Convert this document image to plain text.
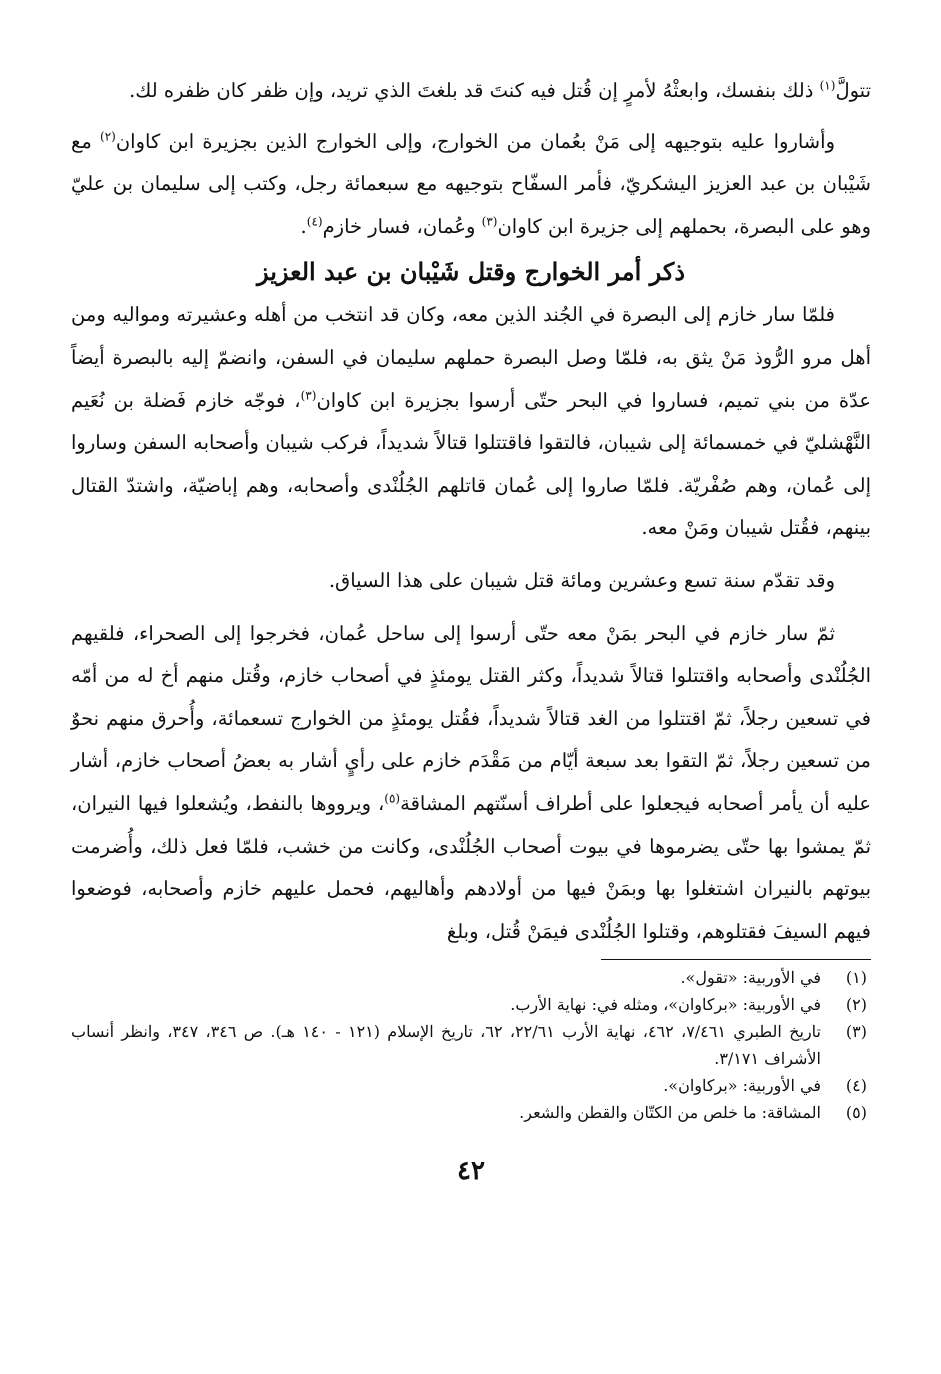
تتولَّ$^{(١)}$ ذلك بنفسك، وابعثْهُ لأمرٍ إن قُتل فيه كنتَ قد بلغتَ الذي تريد، وإن ظفر كان ظفره لك.

وأشاروا عليه بتوجيهه إلى مَنْ بعُمان من الخوارج، وإلى الخوارج الذين بجزيرة ابن كاوان$^{(٢)}$ مع شَيْبان بن عبد العزيز اليشكريّ، فأمر السفّاح بتوجيهه مع سبعمائة رجل، وكتب إلى سليمان بن عليّ وهو على البصرة، بحملهم إلى جزيرة ابن كاوان$^{(٣)}$ وعُمان، فسار خازم$^{(٤)}$.

ذكر أمر الخوارج وقتل شَيْبان بن عبد العزيز

فلمّا سار خازم إلى البصرة في الجُند الذين معه، وكان قد انتخب من أهله وعشيرته ومواليه ومن أهل مرو الرُّوذ مَنْ يثق به، فلمّا وصل البصرة حملهم سليمان في السفن، وانضمّ إليه بالبصرة أيضاً عدّة من بني تميم، فساروا في البحر حتّى أرسوا بجزيرة ابن كاوان$^{(٣)}$، فوجّه خازم فَضلة بن نُعَيم النَّهْشليّ في خمسمائة إلى شيبان، فالتقوا فاقتتلوا قتالاً شديداً، فركب شيبان وأصحابه السفن وساروا إلى عُمان، وهم صُفْريّة. فلمّا صاروا إلى عُمان قاتلهم الجُلُنْدى وأصحابه، وهم إباضيّة، واشتدّ القتال بينهم، فقُتل شيبان ومَنْ معه.

وقد تقدّم سنة تسع وعشرين ومائة قتل شيبان على هذا السياق.

ثمّ سار خازم في البحر بمَنْ معه حتّى أرسوا إلى ساحل عُمان، فخرجوا إلى الصحراء، فلقيهم الجُلُنْدى وأصحابه واقتتلوا قتالاً شديداً، وكثر القتل يومئذٍ في أصحاب خازم، وقُتل منهم أخ له من أمّه في تسعين رجلاً، ثمّ اقتتلوا من الغد قتالاً شديداً، فقُتل يومئذٍ من الخوارج تسعمائة، وأُحرق منهم نحوٌ من تسعين رجلاً، ثمّ التقوا بعد سبعة أيّام من مَقْدَم خازم على رأيٍ أشار به بعضُ أصحاب خازم، أشار عليه أن يأمر أصحابه فيجعلوا على أطراف أسنّتهم المشاقة$^{(٥)}$، ويرووها بالنفط، ويُشعلوا فيها النيران، ثمّ يمشوا بها حتّى يضرموها في بيوت أصحاب الجُلُنْدى، وكانت من خشب، فلمّا فعل ذلك، وأُضرمت بيوتهم بالنيران اشتغلوا بها وبمَنْ فيها من أولادهم وأهاليهم، فحمل عليهم خازم وأصحابه، فوضعوا فيهم السيفَ فقتلوهم، وقتلوا الجُلُنْدى فيمَنْ قُتل، وبلغ

(١)
في الأوربية: «تقول».
(٢)
في الأوربية: «بركاوان»، ومثله في: نهاية الأرب.
(٣)
تاريخ الطبري ٧/٤٦١، ٤٦٢، نهاية الأرب ٢٢/٦١، ٦٢، تاريخ الإسلام (١٢١ - ١٤٠ هـ). ص ٣٤٦، ٣٤٧، وانظر أنساب الأشراف ٣/١٧١.
(٤)
في الأوربية: «بركاوان».
(٥)
المشاقة: ما خلص من الكتّان والقطن والشعر.
٤٢
